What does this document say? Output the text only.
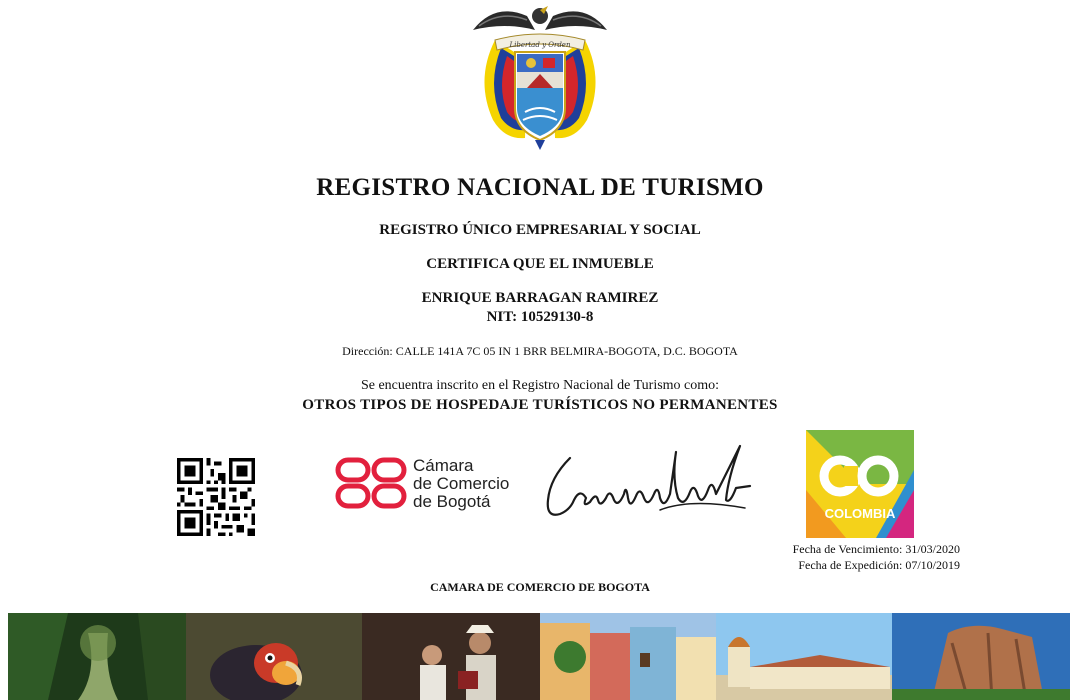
Libertad y Orden
REGISTRO NACIONAL DE TURISMO
REGISTRO ÚNICO EMPRESARIAL Y SOCIAL
CERTIFICA QUE EL INMUEBLE
ENRIQUE BARRAGAN RAMIREZ
NIT: 10529130-8
Dirección: CALLE 141A 7C 05 IN 1 BRR BELMIRA-BOGOTA, D.C. BOGOTA
Se encuentra inscrito en el Registro Nacional de Turismo como:
OTROS TIPOS DE HOSPEDAJE TURÍSTICOS NO PERMANENTES
Cámara
de Comercio
de Bogotá
COLOMBIA
Fecha de Vencimiento: 31/03/2020
Fecha de Expedición: 07/10/2019
CAMARA DE COMERCIO DE BOGOTA
